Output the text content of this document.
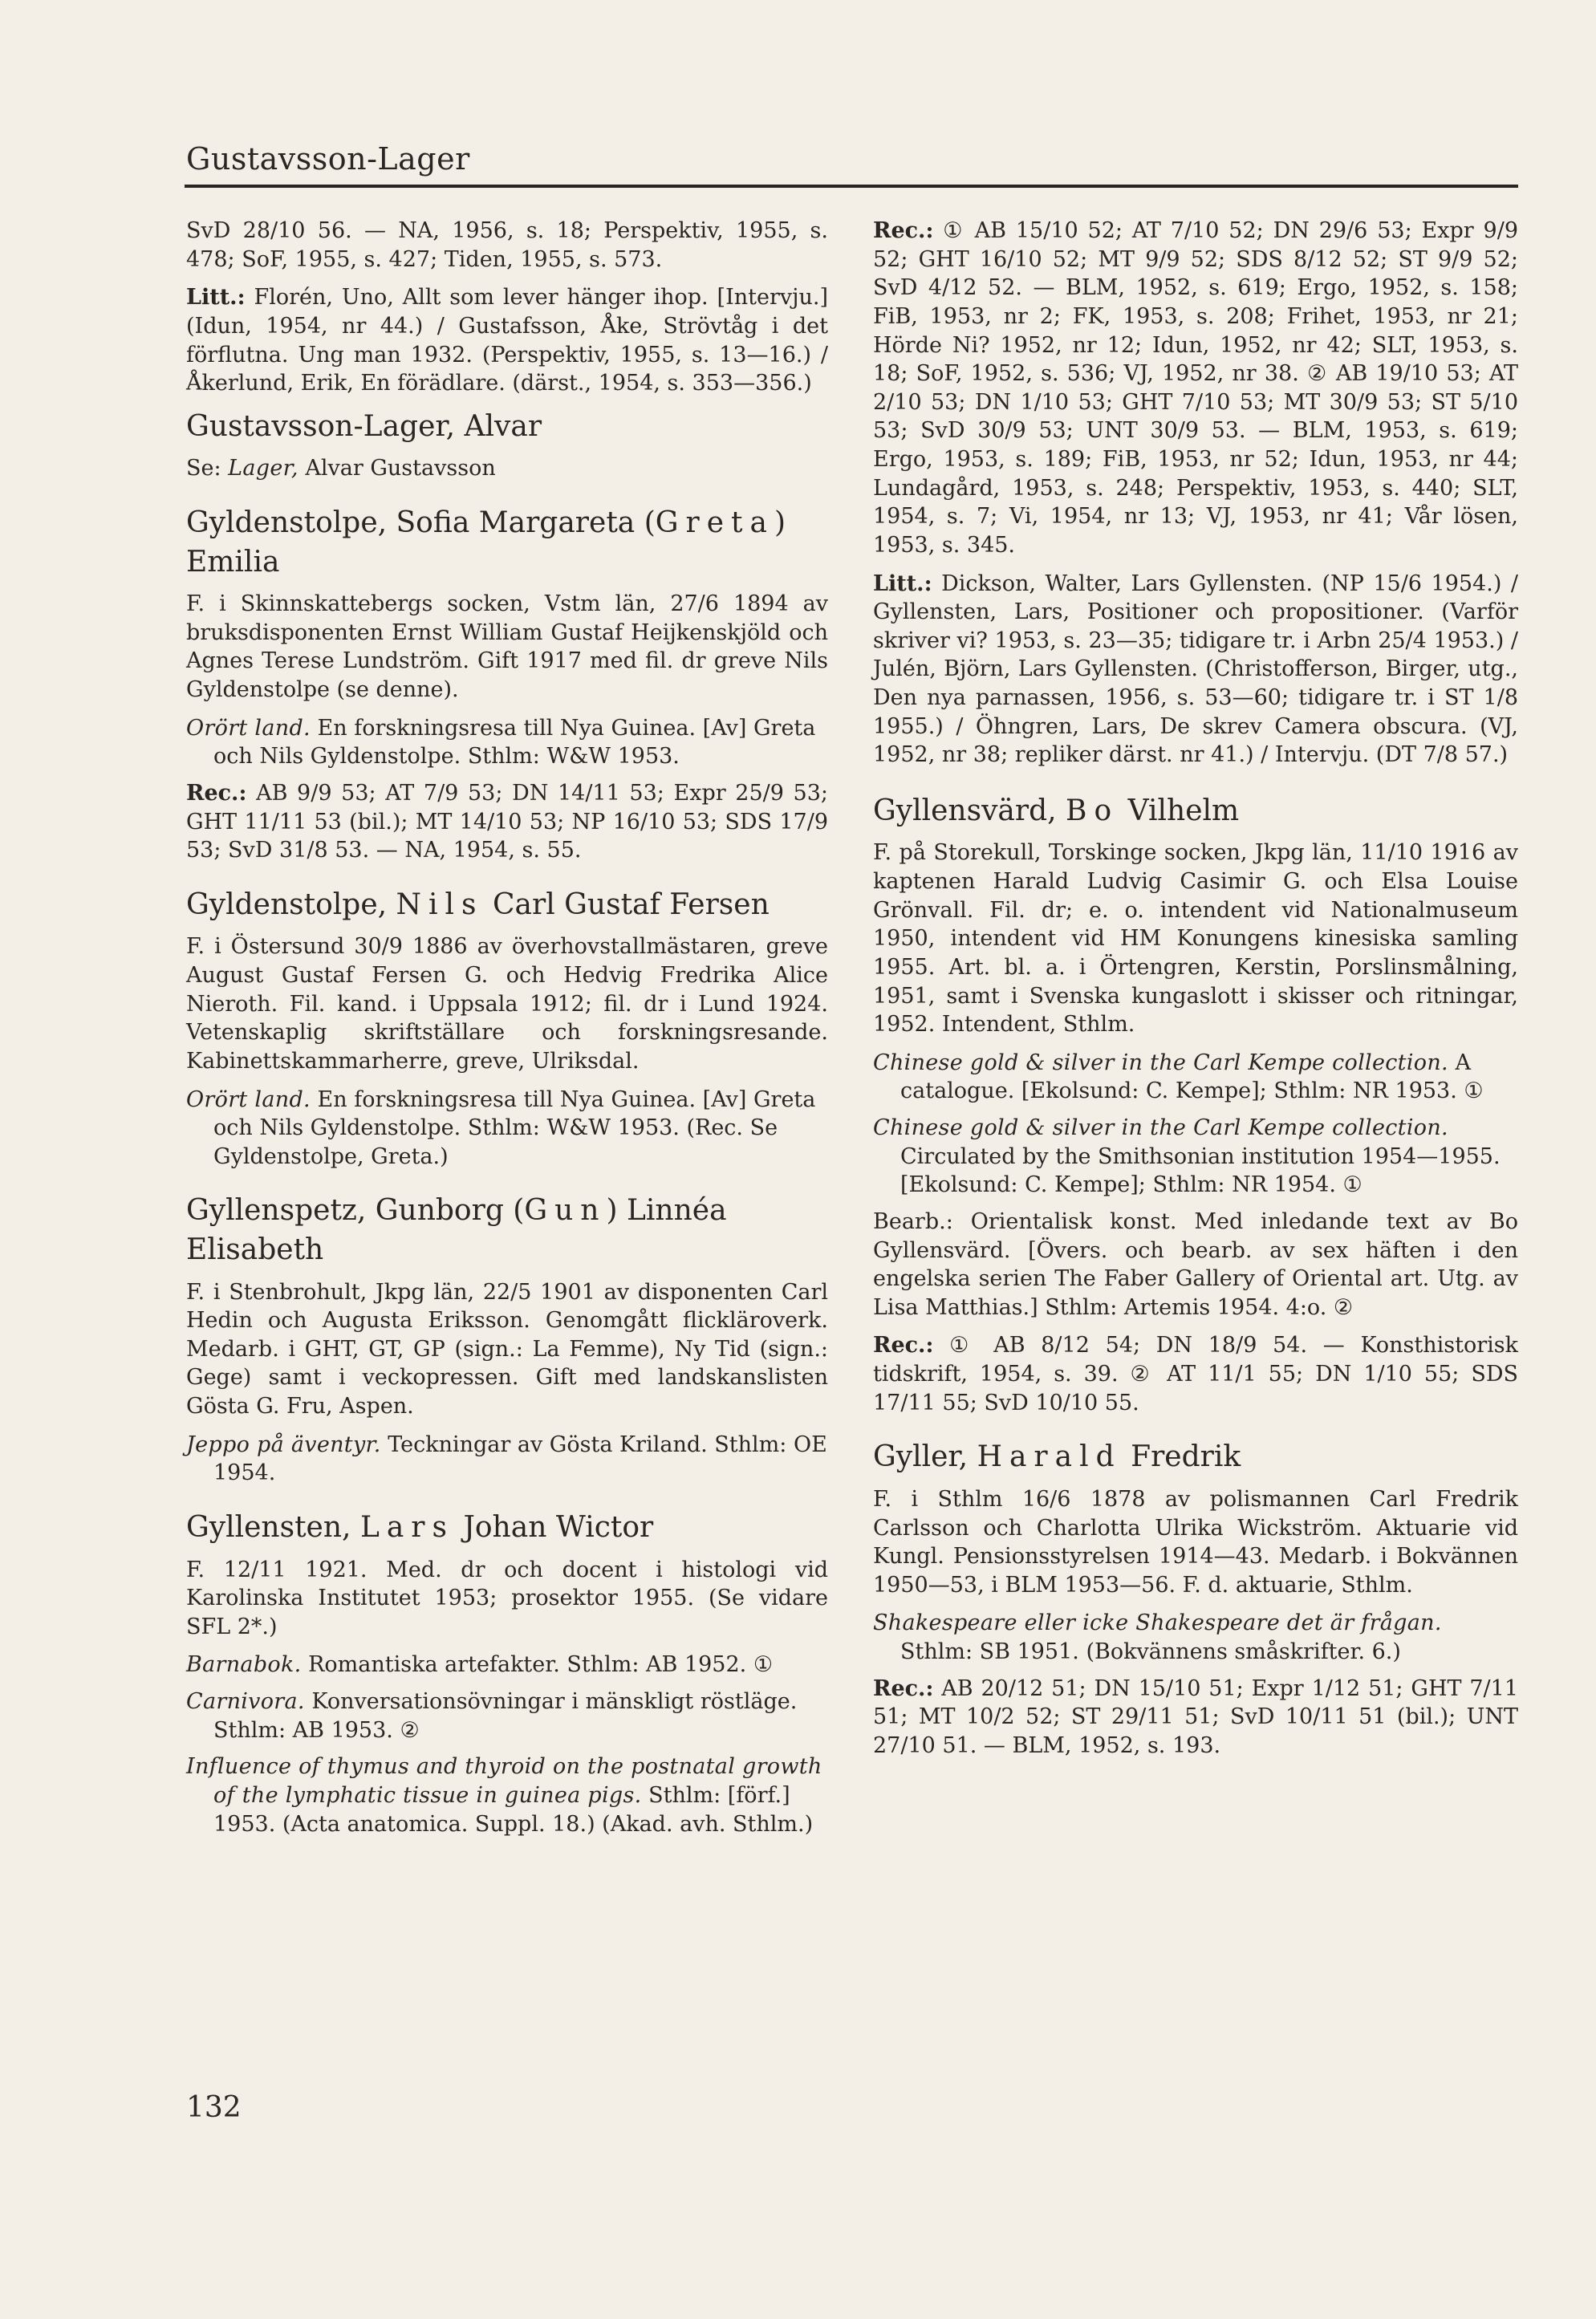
Gustavsson-Lager

SvD 28/10 56. — NA, 1956, s. 18; Perspektiv, 1955, s. 478; SoF, 1955, s. 427; Tiden, 1955, s. 573.

Litt.: Florén, Uno, Allt som lever hänger ihop. [Intervju.] (Idun, 1954, nr 44.) / Gustafsson, Åke, Strövtåg i det förflutna. Ung man 1932. (Perspektiv, 1955, s. 13—16.) / Åkerlund, Erik, En förädlare. (därst., 1954, s. 353—356.)

Gustavsson-Lager, Alvar

Se: Lager, Alvar Gustavsson

Gyldenstolpe, Sofia Margareta (Greta) Emilia

F. i Skinnskattebergs socken, Vstm län, 27/6 1894 av bruksdisponenten Ernst William Gustaf Heijkenskjöld och Agnes Terese Lundström. Gift 1917 med fil. dr greve Nils Gyldenstolpe (se denne).

Orört land. En forskningsresa till Nya Guinea. [Av] Greta och Nils Gyldenstolpe. Sthlm: W&W 1953.

Rec.: AB 9/9 53; AT 7/9 53; DN 14/11 53; Expr 25/9 53; GHT 11/11 53 (bil.); MT 14/10 53; NP 16/10 53; SDS 17/9 53; SvD 31/8 53. — NA, 1954, s. 55.

Gyldenstolpe, Nils Carl Gustaf Fersen

F. i Östersund 30/9 1886 av överhovstallmästaren, greve August Gustaf Fersen G. och Hedvig Fredrika Alice Nieroth. Fil. kand. i Uppsala 1912; fil. dr i Lund 1924. Vetenskaplig skriftställare och forskningsresande. Kabinettskammarherre, greve, Ulriksdal.

Orört land. En forskningsresa till Nya Guinea. [Av] Greta och Nils Gyldenstolpe. Sthlm: W&W 1953. (Rec. Se Gyldenstolpe, Greta.)

Gyllenspetz, Gunborg (Gun) Linnéa Elisabeth

F. i Stenbrohult, Jkpg län, 22/5 1901 av disponenten Carl Hedin och Augusta Eriksson. Genomgått flickläroverk. Medarb. i GHT, GT, GP (sign.: La Femme), Ny Tid (sign.: Gege) samt i veckopressen. Gift med landskanslisten Gösta G. Fru, Aspen.

Jeppo på äventyr. Teckningar av Gösta Kriland. Sthlm: OE 1954.

Gyllensten, Lars Johan Wictor

F. 12/11 1921. Med. dr och docent i histologi vid Karolinska Institutet 1953; prosektor 1955. (Se vidare SFL 2*.)

Barnabok. Romantiska artefakter. Sthlm: AB 1952. ①

Carnivora. Konversationsövningar i mänskligt röstläge. Sthlm: AB 1953. ②

Influence of thymus and thyroid on the postnatal growth of the lymphatic tissue in guinea pigs. Sthlm: [förf.] 1953. (Acta anatomica. Suppl. 18.) (Akad. avh. Sthlm.)

Rec.: ① AB 15/10 52; AT 7/10 52; DN 29/6 53; Expr 9/9 52; GHT 16/10 52; MT 9/9 52; SDS 8/12 52; ST 9/9 52; SvD 4/12 52. — BLM, 1952, s. 619; Ergo, 1952, s. 158; FiB, 1953, nr 2; FK, 1953, s. 208; Frihet, 1953, nr 21; Hörde Ni? 1952, nr 12; Idun, 1952, nr 42; SLT, 1953, s. 18; SoF, 1952, s. 536; VJ, 1952, nr 38. ② AB 19/10 53; AT 2/10 53; DN 1/10 53; GHT 7/10 53; MT 30/9 53; ST 5/10 53; SvD 30/9 53; UNT 30/9 53. — BLM, 1953, s. 619; Ergo, 1953, s. 189; FiB, 1953, nr 52; Idun, 1953, nr 44; Lundagård, 1953, s. 248; Perspektiv, 1953, s. 440; SLT, 1954, s. 7; Vi, 1954, nr 13; VJ, 1953, nr 41; Vår lösen, 1953, s. 345.

Litt.: Dickson, Walter, Lars Gyllensten. (NP 15/6 1954.) / Gyllensten, Lars, Positioner och propositioner. (Varför skriver vi? 1953, s. 23—35; tidigare tr. i Arbn 25/4 1953.) / Julén, Björn, Lars Gyllensten. (Christofferson, Birger, utg., Den nya parnassen, 1956, s. 53—60; tidigare tr. i ST 1/8 1955.) / Öhngren, Lars, De skrev Camera obscura. (VJ, 1952, nr 38; repliker därst. nr 41.) / Intervju. (DT 7/8 57.)

Gyllensvärd, Bo Vilhelm

F. på Storekull, Torskinge socken, Jkpg län, 11/10 1916 av kaptenen Harald Ludvig Casimir G. och Elsa Louise Grönvall. Fil. dr; e. o. intendent vid Nationalmuseum 1950, intendent vid HM Konungens kinesiska samling 1955. Art. bl. a. i Örtengren, Kerstin, Porslinsmålning, 1951, samt i Svenska kungaslott i skisser och ritningar, 1952. Intendent, Sthlm.

Chinese gold & silver in the Carl Kempe collection. A catalogue. [Ekolsund: C. Kempe]; Sthlm: NR 1953. ①

Chinese gold & silver in the Carl Kempe collection. Circulated by the Smithsonian institution 1954—1955. [Ekolsund: C. Kempe]; Sthlm: NR 1954. ①

Bearb.: Orientalisk konst. Med inledande text av Bo Gyllensvärd. [Övers. och bearb. av sex häften i den engelska serien The Faber Gallery of Oriental art. Utg. av Lisa Matthias.] Sthlm: Artemis 1954. 4:o. ②

Rec.: ① AB 8/12 54; DN 18/9 54. — Konsthistorisk tidskrift, 1954, s. 39. ② AT 11/1 55; DN 1/10 55; SDS 17/11 55; SvD 10/10 55.

Gyller, Harald Fredrik

F. i Sthlm 16/6 1878 av polismannen Carl Fredrik Carlsson och Charlotta Ulrika Wickström. Aktuarie vid Kungl. Pensionsstyrelsen 1914—43. Medarb. i Bokvännen 1950—53, i BLM 1953—56. F. d. aktuarie, Sthlm.

Shakespeare eller icke Shakespeare det är frågan. Sthlm: SB 1951. (Bokvännens småskrifter. 6.)

Rec.: AB 20/12 51; DN 15/10 51; Expr 1/12 51; GHT 7/11 51; MT 10/2 52; ST 29/11 51; SvD 10/11 51 (bil.); UNT 27/10 51. — BLM, 1952, s. 193.

132
